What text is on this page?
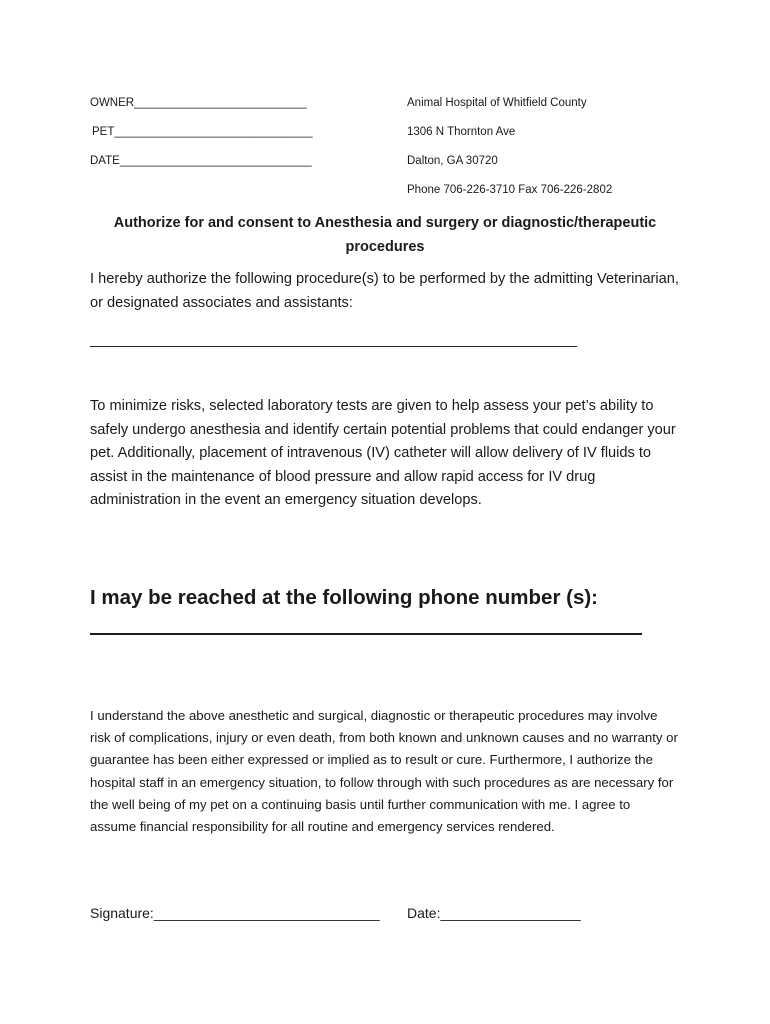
OWNER___________________________
PET_______________________________
DATE______________________________
Animal Hospital of Whitfield County
1306 N Thornton Ave
Dalton, GA 30720
Phone 706-226-3710 Fax 706-226-2802
Authorize for and consent to Anesthesia and surgery or diagnostic/therapeutic procedures
I hereby authorize the following procedure(s) to be performed by the admitting Veterinarian, or designated associates and assistants:
____________________________________________________________
To minimize risks, selected laboratory tests are given to help assess your pet’s ability to safely undergo anesthesia and identify certain potential problems that could endanger your pet. Additionally, placement of intravenous (IV) catheter will allow delivery of IV fluids to assist in the maintenance of blood pressure and allow rapid access for IV drug administration in the event an emergency situation develops.
I may be reached at the following phone number (s):
I understand the above anesthetic and surgical, diagnostic or therapeutic procedures may involve risk of complications, injury or even death, from both known and unknown causes and no warranty or guarantee has been either expressed or implied as to result or cure. Furthermore, I authorize the hospital staff in an emergency situation, to follow through with such procedures as are necessary for the well being of my pet on a continuing basis until further communication with me. I agree to assume financial responsibility for all routine and emergency services rendered.
Signature:_____________________________ Date:__________________
